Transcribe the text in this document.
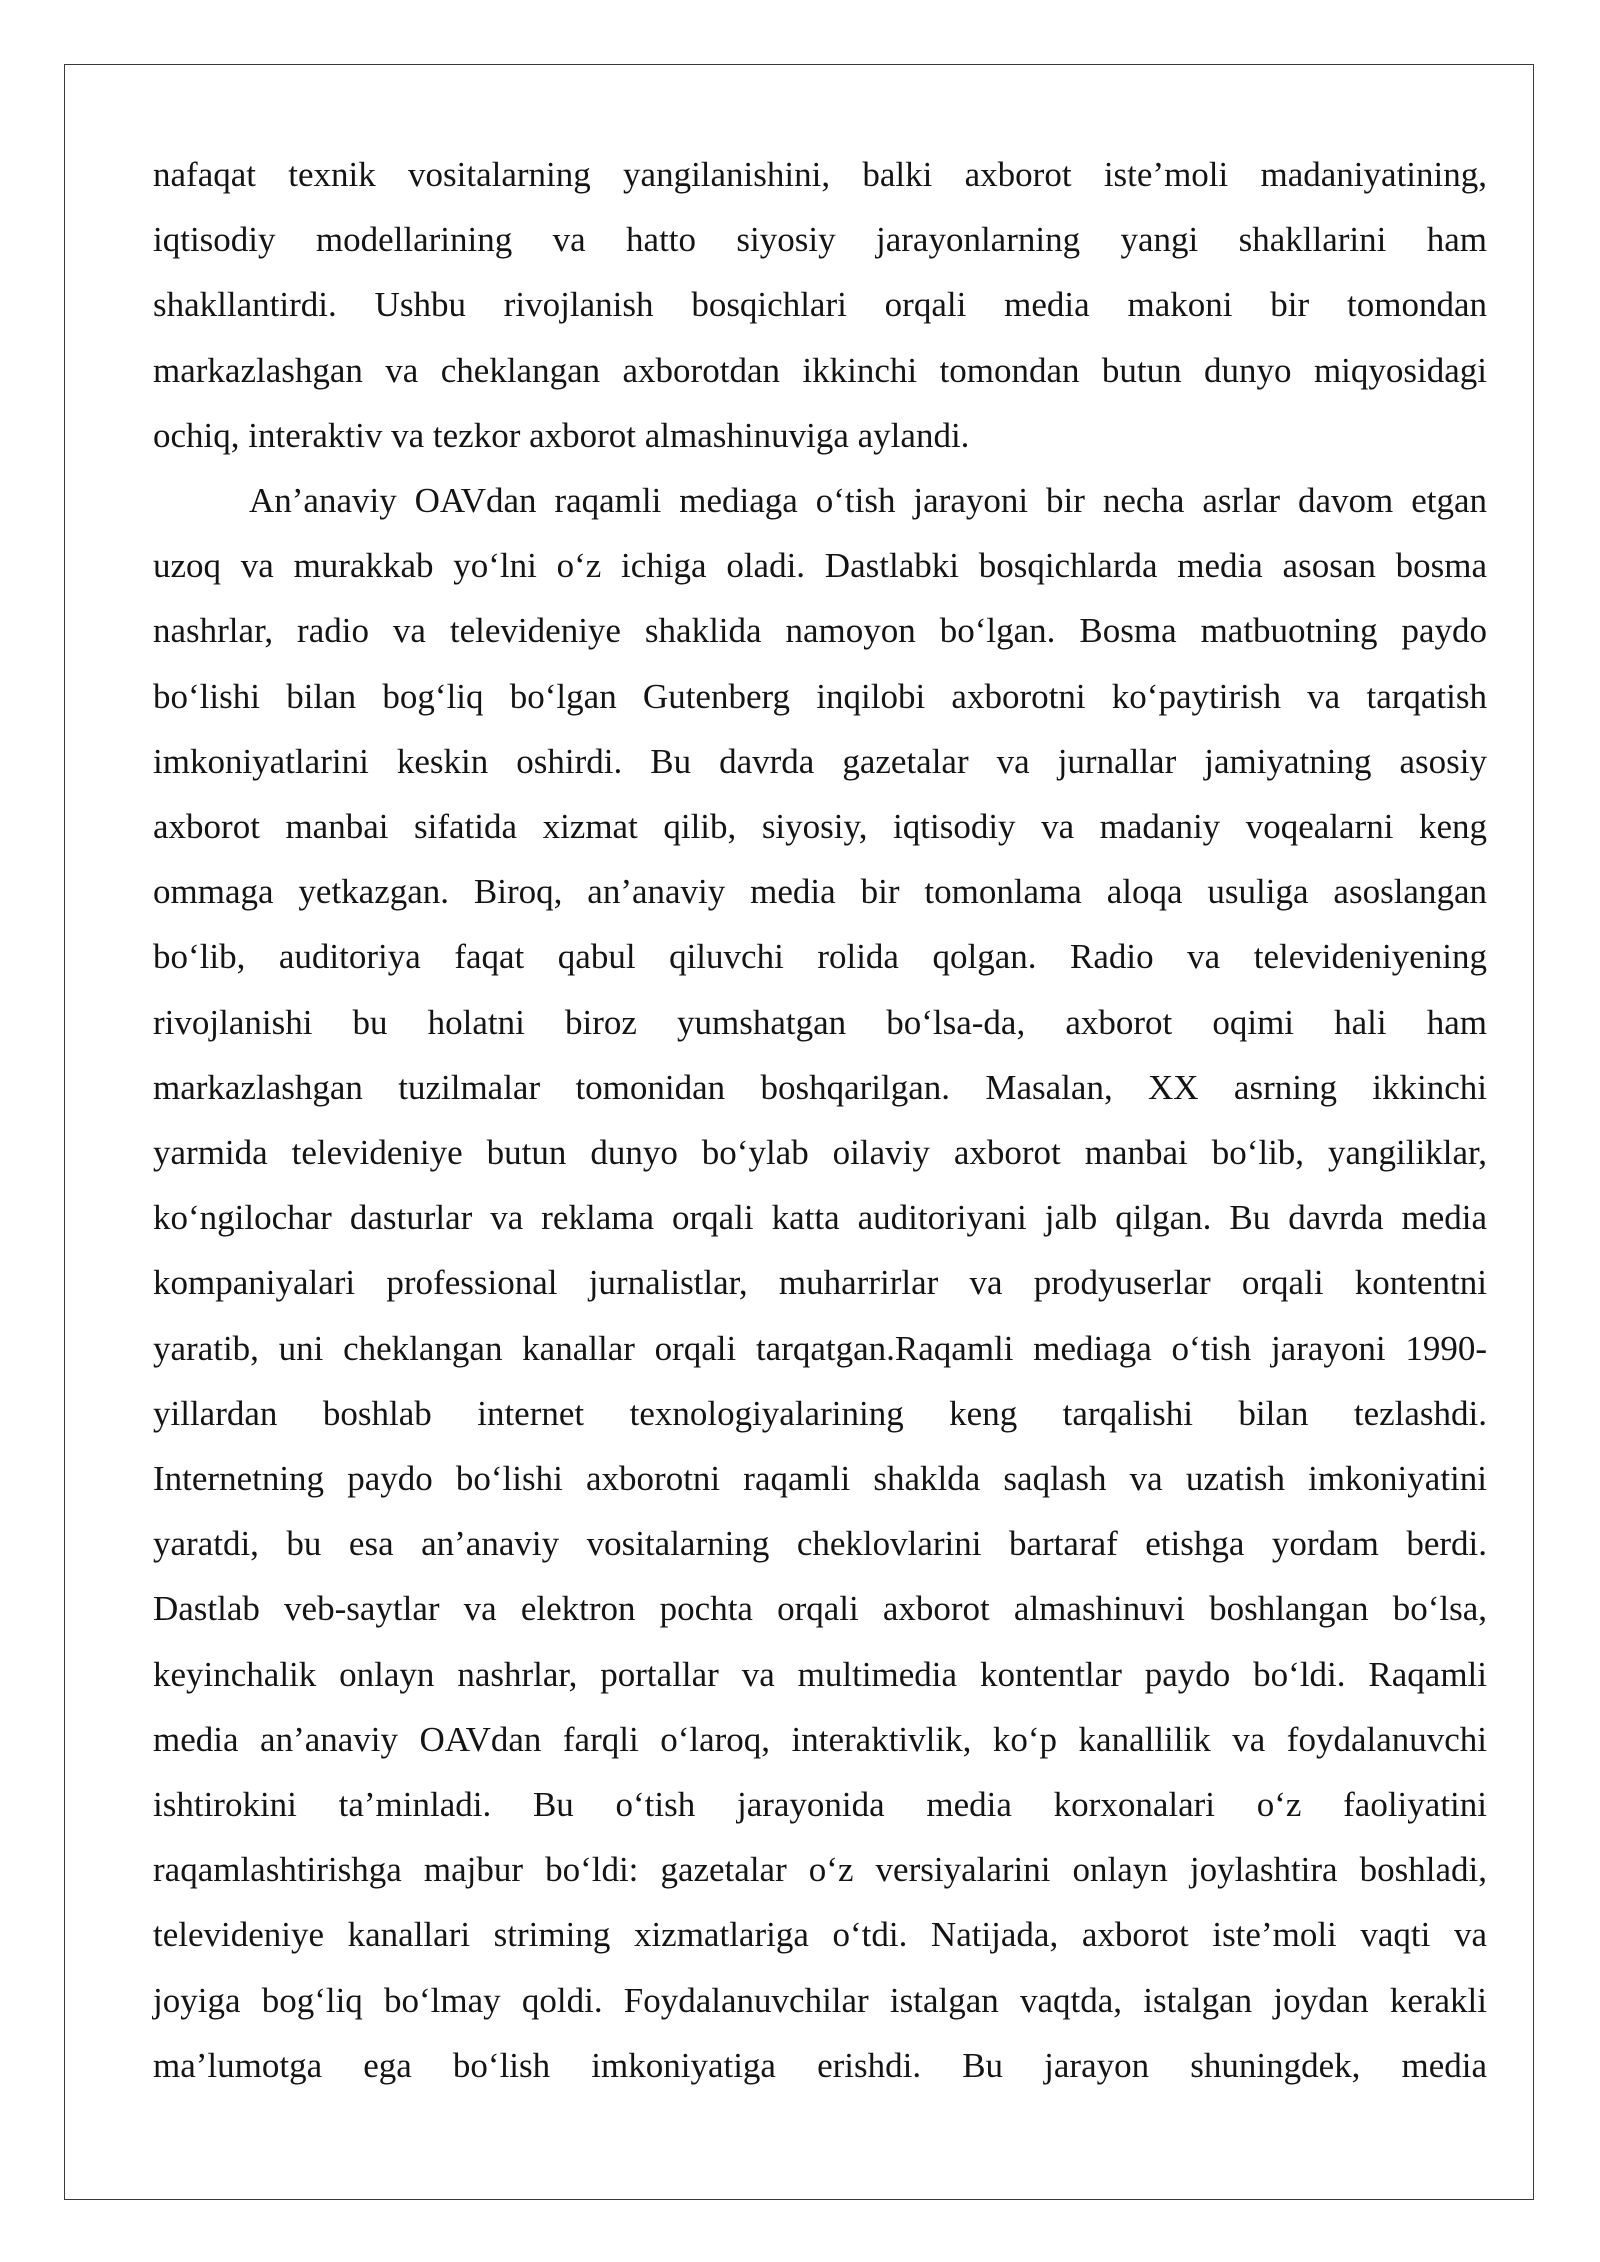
nafaqat texnik vositalarning yangilanishini, balki axborot iste’moli madaniyatining,
iqtisodiy modellarining va hatto siyosiy jarayonlarning yangi shakllarini ham
shakllantirdi. Ushbu rivojlanish bosqichlari orqali media makoni bir tomondan
markazlashgan va cheklangan axborotdan ikkinchi tomondan butun dunyo miqyosidagi
ochiq, interaktiv va tezkor axborot almashinuviga aylandi.

An’anaviy OAVdan raqamli mediaga oʻtish jarayoni bir necha asrlar davom etgan
uzoq va murakkab yoʻlni oʻz ichiga oladi. Dastlabki bosqichlarda media asosan bosma
nashrlar, radio va televideniye shaklida namoyon boʻlgan. Bosma matbuotning paydo
boʻlishi bilan bogʻliq boʻlgan Gutenberg inqilobi axborotni koʻpaytirish va tarqatish
imkoniyatlarini keskin oshirdi. Bu davrda gazetalar va jurnallar jamiyatning asosiy
axborot manbai sifatida xizmat qilib, siyosiy, iqtisodiy va madaniy voqealarni keng
ommaga yetkazgan. Biroq, an’anaviy media bir tomonlama aloqa usuliga asoslangan
boʻlib, auditoriya faqat qabul qiluvchi rolida qolgan. Radio va televideniyening
rivojlanishi bu holatni biroz yumshatgan boʻlsa-da, axborot oqimi hali ham
markazlashgan tuzilmalar tomonidan boshqarilgan. Masalan, XX asrning ikkinchi
yarmida televideniye butun dunyo boʻylab oilaviy axborot manbai boʻlib, yangiliklar,
koʻngilochar dasturlar va reklama orqali katta auditoriyani jalb qilgan. Bu davrda media
kompaniyalari professional jurnalistlar, muharrirlar va prodyuserlar orqali kontentni
yaratib, uni cheklangan kanallar orqali tarqatgan.Raqamli mediaga oʻtish jarayoni 1990-
yillardan boshlab internet texnologiyalarining keng tarqalishi bilan tezlashdi.
Internetning paydo boʻlishi axborotni raqamli shaklda saqlash va uzatish imkoniyatini
yaratdi, bu esa an’anaviy vositalarning cheklovlarini bartaraf etishga yordam berdi.
Dastlab veb-saytlar va elektron pochta orqali axborot almashinuvi boshlangan boʻlsa,
keyinchalik onlayn nashrlar, portallar va multimedia kontentlar paydo boʻldi. Raqamli
media an’anaviy OAVdan farqli oʻlaroq, interaktivlik, koʻp kanallilik va foydalanuvchi
ishtirokini ta’minladi. Bu oʻtish jarayonida media korxonalari oʻz faoliyatini
raqamlashtirishga majbur boʻldi: gazetalar oʻz versiyalarini onlayn joylashtira boshladi,
televideniye kanallari striming xizmatlariga oʻtdi. Natijada, axborot iste’moli vaqti va
joyiga bogʻliq boʻlmay qoldi. Foydalanuvchilar istalgan vaqtda, istalgan joydan kerakli
ma’lumotga ega boʻlish imkoniyatiga erishdi. Bu jarayon shuningdek, media
